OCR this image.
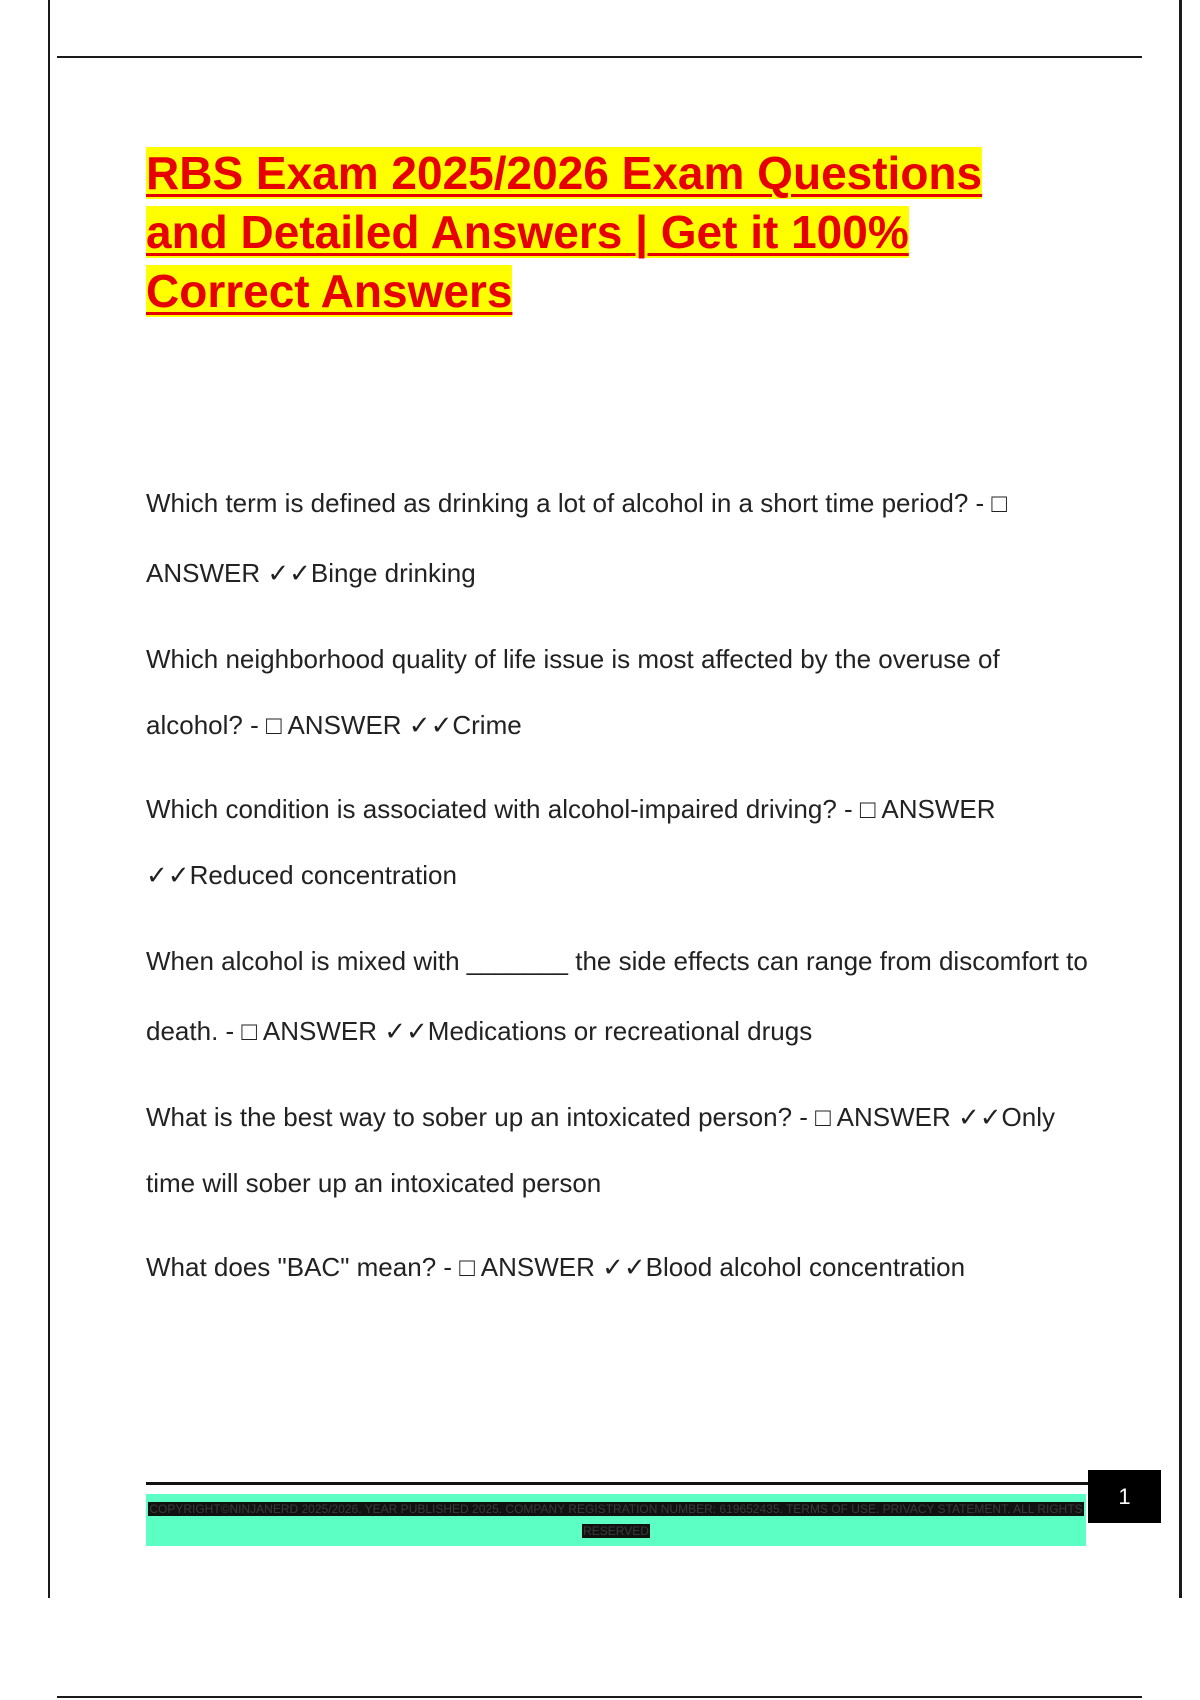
RBS Exam 2025/2026 Exam Questions and Detailed Answers | Get it 100% Correct Answers
Which term is defined as drinking a lot of alcohol in a short time period? - □ ANSWER ✓✓Binge drinking
Which neighborhood quality of life issue is most affected by the overuse of alcohol? - □ ANSWER ✓✓Crime
Which condition is associated with alcohol-impaired driving? - □ ANSWER ✓✓Reduced concentration
When alcohol is mixed with _______ the side effects can range from discomfort to death. - □ ANSWER ✓✓Medications or recreational drugs
What is the best way to sober up an intoxicated person? - □ ANSWER ✓✓Only time will sober up an intoxicated person
What does "BAC" mean? - □ ANSWER ✓✓Blood alcohol concentration
COPYRIGHT©NINJANERD 2025/2026. YEAR PUBLISHED 2025. COMPANY REGISTRATION NUMBER: 619652435. TERMS OF USE. PRIVACY STATEMENT. ALL RIGHTS RESERVED
1
